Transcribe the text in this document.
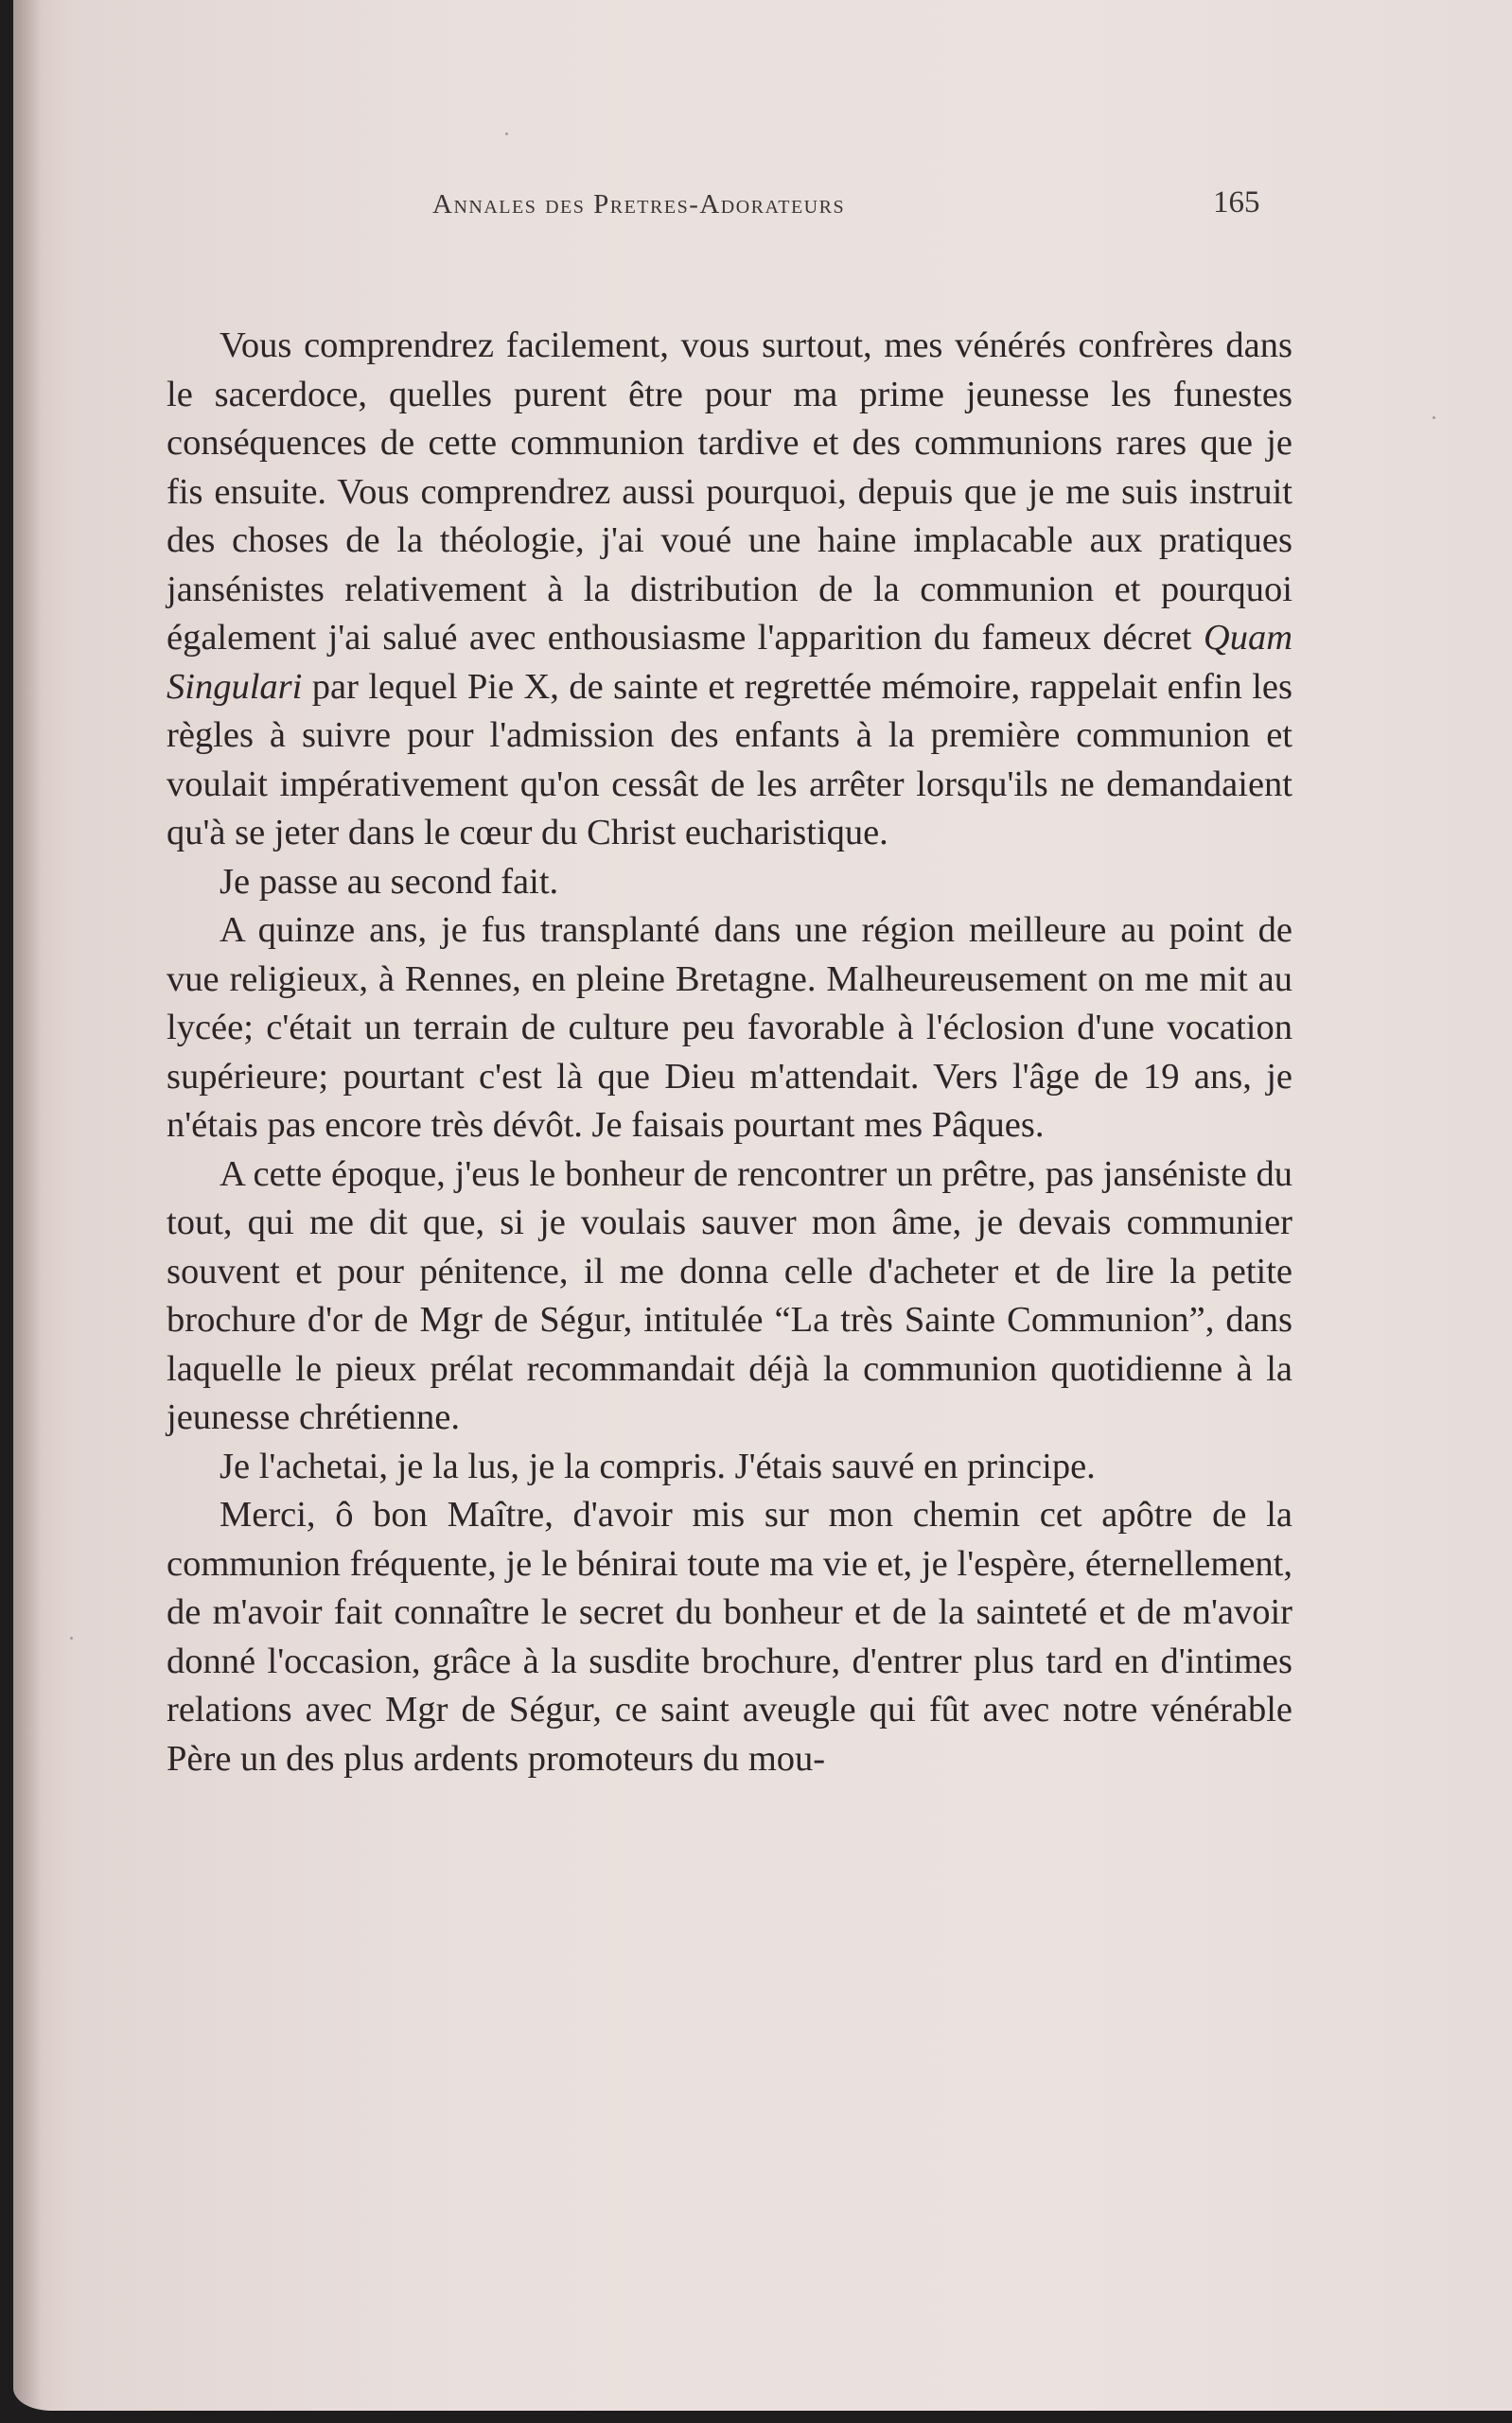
Annales des Pretres-Adorateurs	165

Vous comprendrez facilement, vous surtout, mes vénérés confrères dans le sacerdoce, quelles purent être pour ma prime jeunesse les funestes conséquences de cette communion tardive et des communions rares que je fis ensuite. Vous comprendrez aussi pourquoi, depuis que je me suis instruit des choses de la théologie, j'ai voué une haine implacable aux pratiques jansénistes relativement à la distribution de la communion et pourquoi également j'ai salué avec enthousiasme l'apparition du fameux décret Quam Singulari par lequel Pie X, de sainte et regrettée mémoire, rappelait enfin les règles à suivre pour l'admission des enfants à la première communion et voulait impérativement qu'on cessât de les arrêter lorsqu'ils ne demandaient qu'à se jeter dans le cœur du Christ eucharistique.

Je passe au second fait.

A quinze ans, je fus transplanté dans une région meilleure au point de vue religieux, à Rennes, en pleine Bretagne. Malheureusement on me mit au lycée; c'était un terrain de culture peu favorable à l'éclosion d'une vocation supérieure; pourtant c'est là que Dieu m'attendait. Vers l'âge de 19 ans, je n'étais pas encore très dévôt. Je faisais pourtant mes Pâques.

A cette époque, j'eus le bonheur de rencontrer un prêtre, pas janséniste du tout, qui me dit que, si je voulais sauver mon âme, je devais communier souvent et pour pénitence, il me donna celle d'acheter et de lire la petite brochure d'or de Mgr de Ségur, intitulée “La très Sainte Communion”, dans laquelle le pieux prélat recommandait déjà la communion quotidienne à la jeunesse chrétienne.

Je l'achetai, je la lus, je la compris. J'étais sauvé en principe.

Merci, ô bon Maître, d'avoir mis sur mon chemin cet apôtre de la communion fréquente, je le bénirai toute ma vie et, je l'espère, éternellement, de m'avoir fait connaître le secret du bonheur et de la sainteté et de m'avoir donné l'occasion, grâce à la susdite brochure, d'entrer plus tard en d'intimes relations avec Mgr de Ségur, ce saint aveugle qui fût avec notre vénérable Père un des plus ardents promoteurs du mou-
